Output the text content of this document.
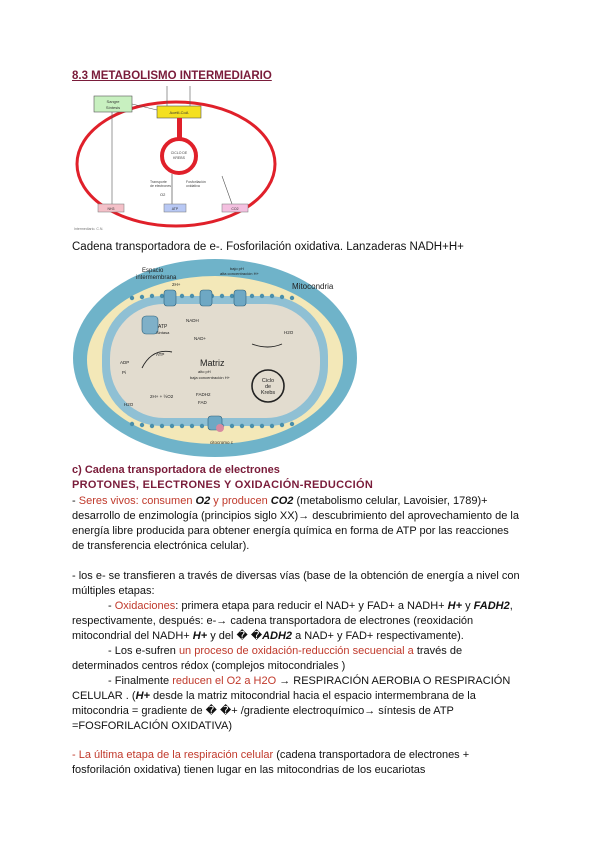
8.3 METABOLISMO INTERMEDIARIO
Sangre
Síntesis
Acetil-CoA
CICLO DE
KREBS
Transporte
de electrones
Fosforilación
oxidativa
O2
NH3	ATP	CO2
Intermediario. C.N.
Cadena transportadora de e-. Fosforilación oxidativa. Lanzaderas NADH+H+
Espacio
intermembrana
bajo pH
alta concentración H+
Mitocondria
ATP
Sintasa
NADH
NAD+
H2O
ADP
Pi
ATP
Matriz
alto pH
baja concentración H+
Ciclo
de
Krebs
FADH2
FAD
H2O
2H+ + ½O2
citocromo c
2H+
c) Cadena transportadora de electrones
PROTONES, ELECTRONES Y OXIDACIÓN-REDUCCIÓN
- Seres vivos: consumen O2 y producen CO2 (metabolismo celular, Lavoisier, 1789)+
desarrollo de enzimología (principios siglo XX)→ descubrimiento del aprovechamiento de la
energía libre producida para obtener energía química en forma de ATP por las reacciones
de transferencia electrónica celular).
- los e- se transfieren a través de diversas vías (base de la obtención de energía a nivel con
múltiples etapas:
- Oxidaciones: primera etapa para reducir el NAD+ y FAD+ a NADH+ H+ y FADH2,
respectivamente, después: e-→ cadena transportadora de electrones (reoxidación
mitocondrial del NADH+ H+ y del � �ADH2 a NAD+ y FAD+ respectivamente).
- Los e-sufren un proceso de oxidación-reducción secuencial a través de
determinados centros rédox (complejos mitocondriales )
- Finalmente reducen el O2 a H2O → RESPIRACIÓN AEROBIA O RESPIRACIÓN
CELULAR . (H+ desde la matriz mitocondrial hacia el espacio intermembrana de la
mitocondria = gradiente de � �+ /gradiente electroquímico→ síntesis de ATP
=FOSFORILACIÓN OXIDATIVA)
- La última etapa de la respiración celular (cadena transportadora de electrones +
fosforilación oxidativa) tienen lugar en las mitocondrias de los eucariotas
